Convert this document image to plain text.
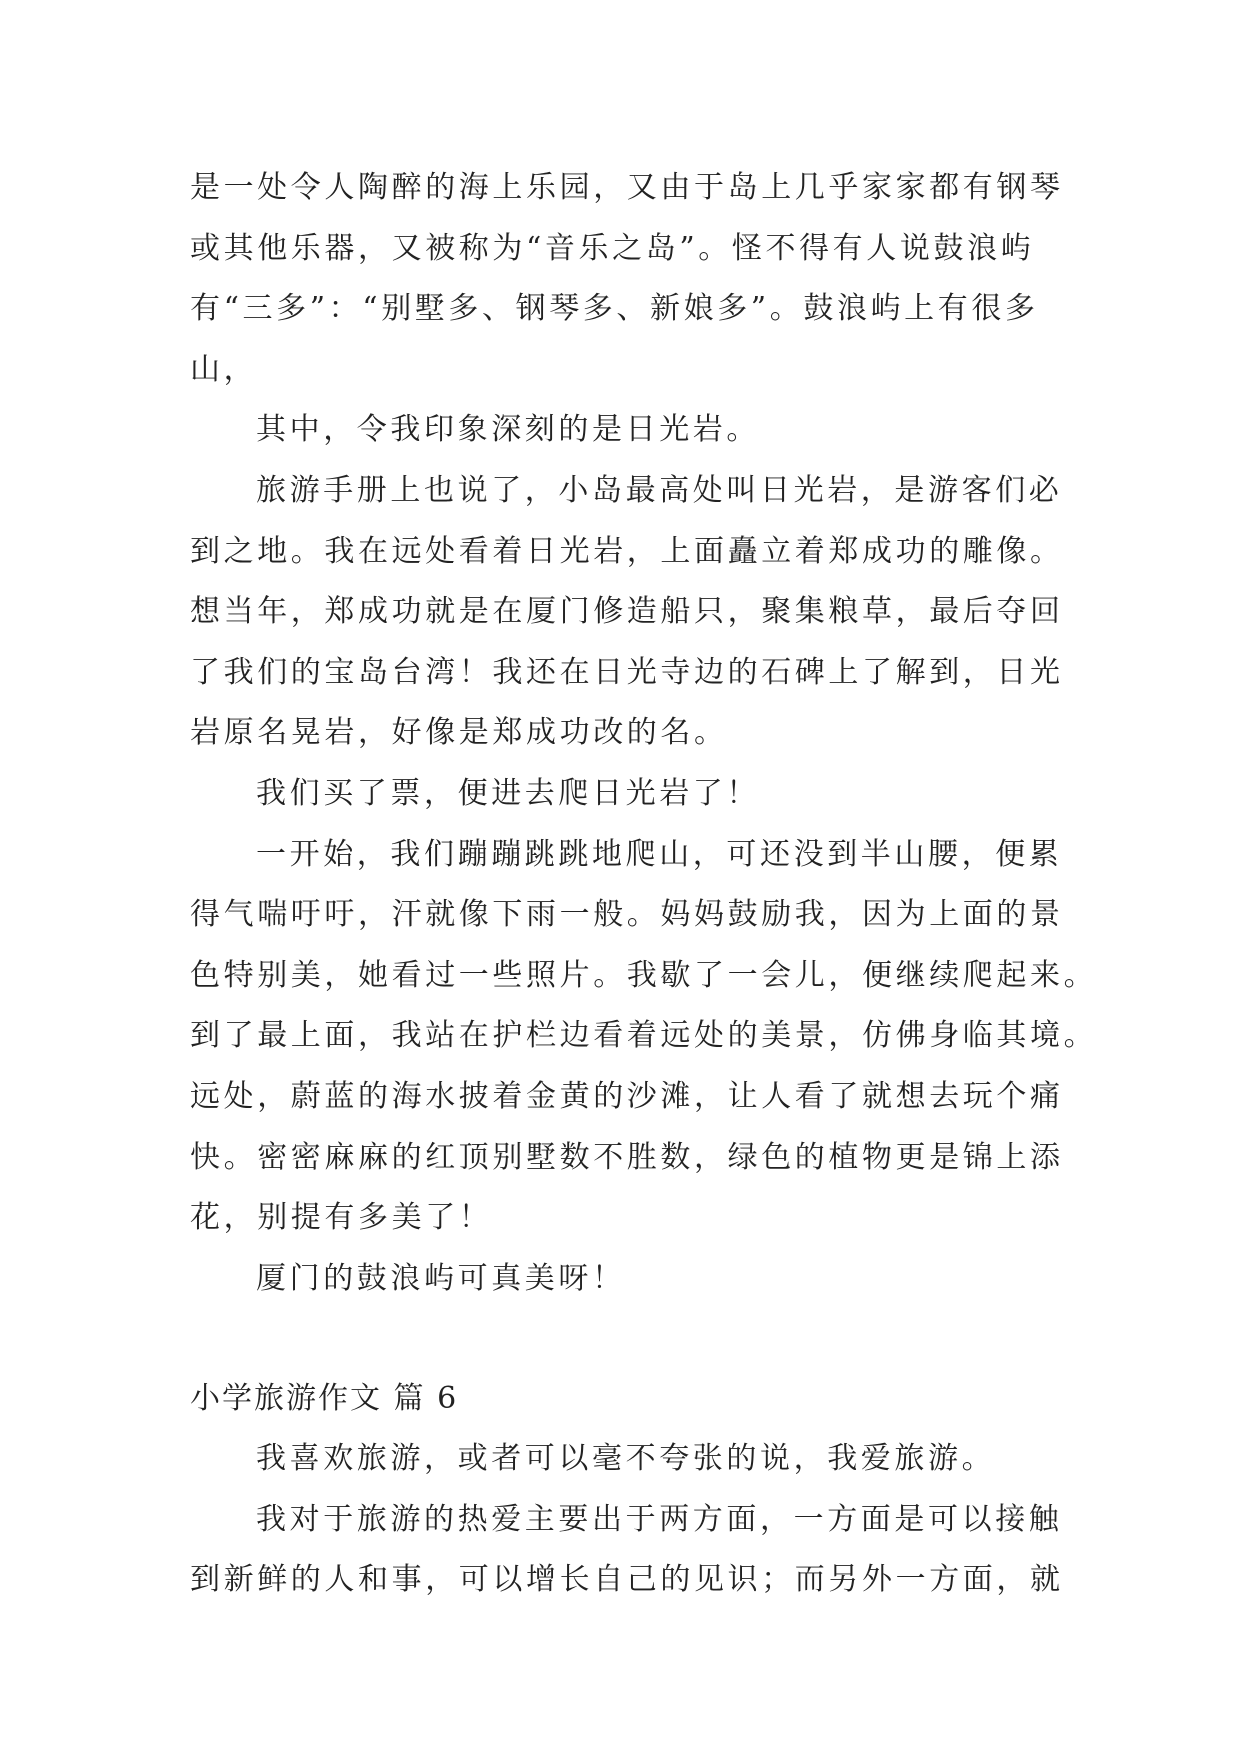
是一处令人陶醉的海上乐园，又由于岛上几乎家家都有钢琴
或其他乐器，又被称为“音乐之岛”。怪不得有人说鼓浪屿
有“三多”：“别墅多、钢琴多、新娘多”。鼓浪屿上有很多
山，
其中，令我印象深刻的是日光岩。
旅游手册上也说了，小岛最高处叫日光岩，是游客们必
到之地。我在远处看着日光岩，上面矗立着郑成功的雕像。
想当年，郑成功就是在厦门修造船只，聚集粮草，最后夺回
了我们的宝岛台湾！我还在日光寺边的石碑上了解到，日光
岩原名晃岩，好像是郑成功改的名。
我们买了票，便进去爬日光岩了！
一开始，我们蹦蹦跳跳地爬山，可还没到半山腰，便累
得气喘吁吁，汗就像下雨一般。妈妈鼓励我，因为上面的景
色特别美，她看过一些照片。我歇了一会儿，便继续爬起来。
到了最上面，我站在护栏边看着远处的美景，仿佛身临其境。
远处，蔚蓝的海水披着金黄的沙滩，让人看了就想去玩个痛
快。密密麻麻的红顶别墅数不胜数，绿色的植物更是锦上添
花，别提有多美了！
厦门的鼓浪屿可真美呀！
小学旅游作文 篇 6
我喜欢旅游，或者可以毫不夸张的说，我爱旅游。
我对于旅游的热爱主要出于两方面，一方面是可以接触
到新鲜的人和事，可以增长自己的见识；而另外一方面，就
